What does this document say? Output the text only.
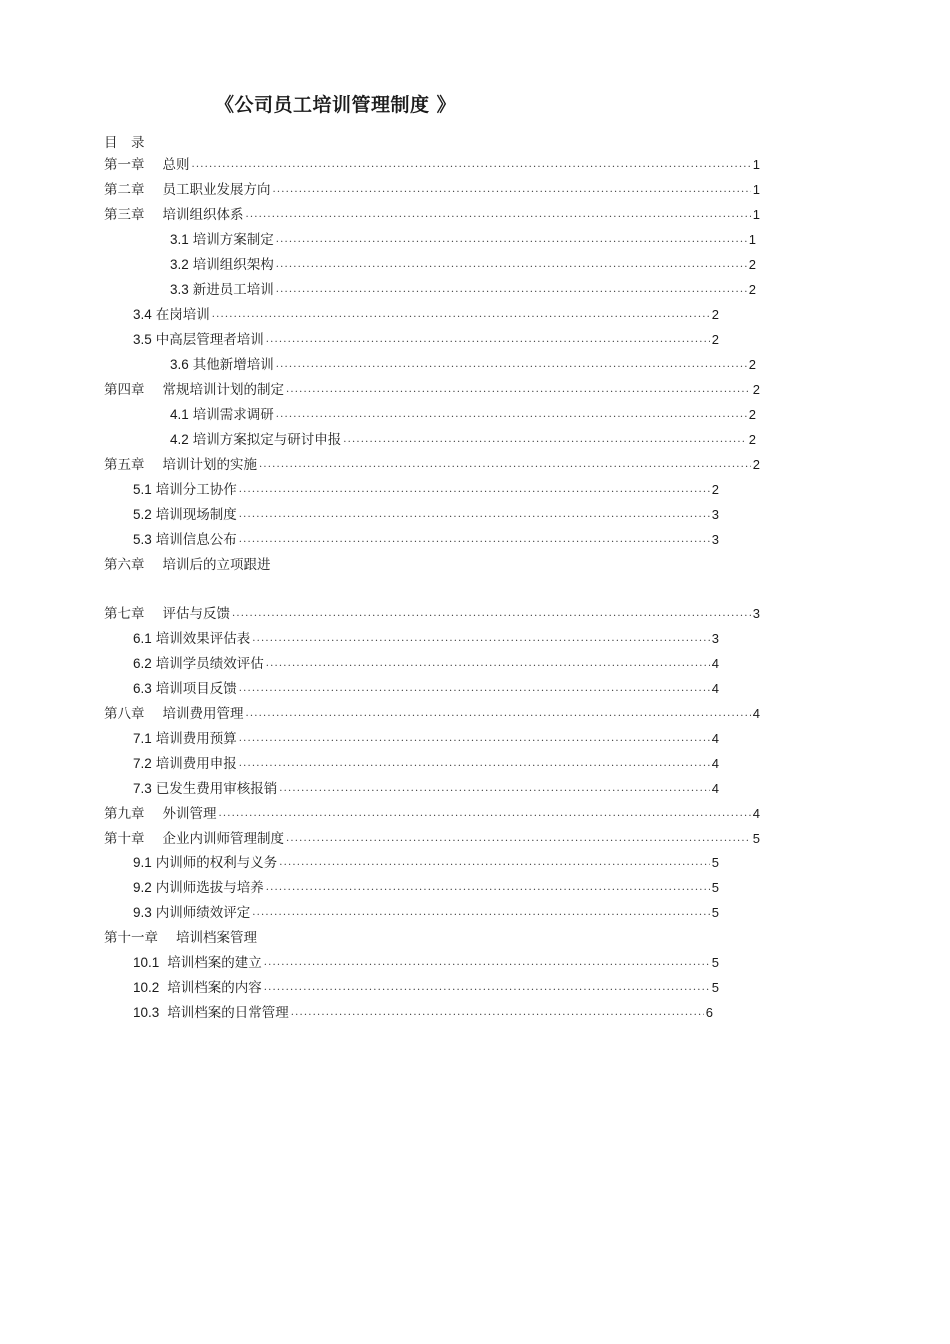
《公司员工培训管理制度 》
目　录
第一章 总则 .....	1
第二章 员工职业发展方向 .....	1
第三章 培训组织体系 .....	1
3.1 培训方案制定 .....	1
3.2 培训组织架构 .....	2
3.3 新进员工培训 .....	2
3.4 在岗培训 .....	2
3.5 中高层管理者培训 .....	2
3.6 其他新增培训 .....	2
第四章 常规培训计划的制定 .....	2
4.1 培训需求调研 .....	2
4.2 培训方案拟定与研讨申报 .....	2
第五章 培训计划的实施 .....	2
5.1 培训分工协作 .....	2
5.2 培训现场制度 .....	3
5.3 培训信息公布 .....	3
第六章 培训后的立项跟进
第七章 评估与反馈 .....	3
6.1 培训效果评估表 .....	3
6.2 培训学员绩效评估 .....	4
6.3 培训项目反馈 .....	4
第八章 培训费用管理 .....	4
7.1 培训费用预算 .....	4
7.2 培训费用申报 .....	4
7.3 已发生费用审核报销 .....	4
第九章 外训管理 .....	4
第十章 企业内训师管理制度 .....	5
9.1 内训师的权利与义务 .....	5
9.2 内训师选拔与培养 .....	5
9.3 内训师绩效评定 .....	5
第十一章 培训档案管理
10.1 培训档案的建立 .....	5
10.2 培训档案的内容 .....	5
10.3 培训档案的日常管理 .....	6
